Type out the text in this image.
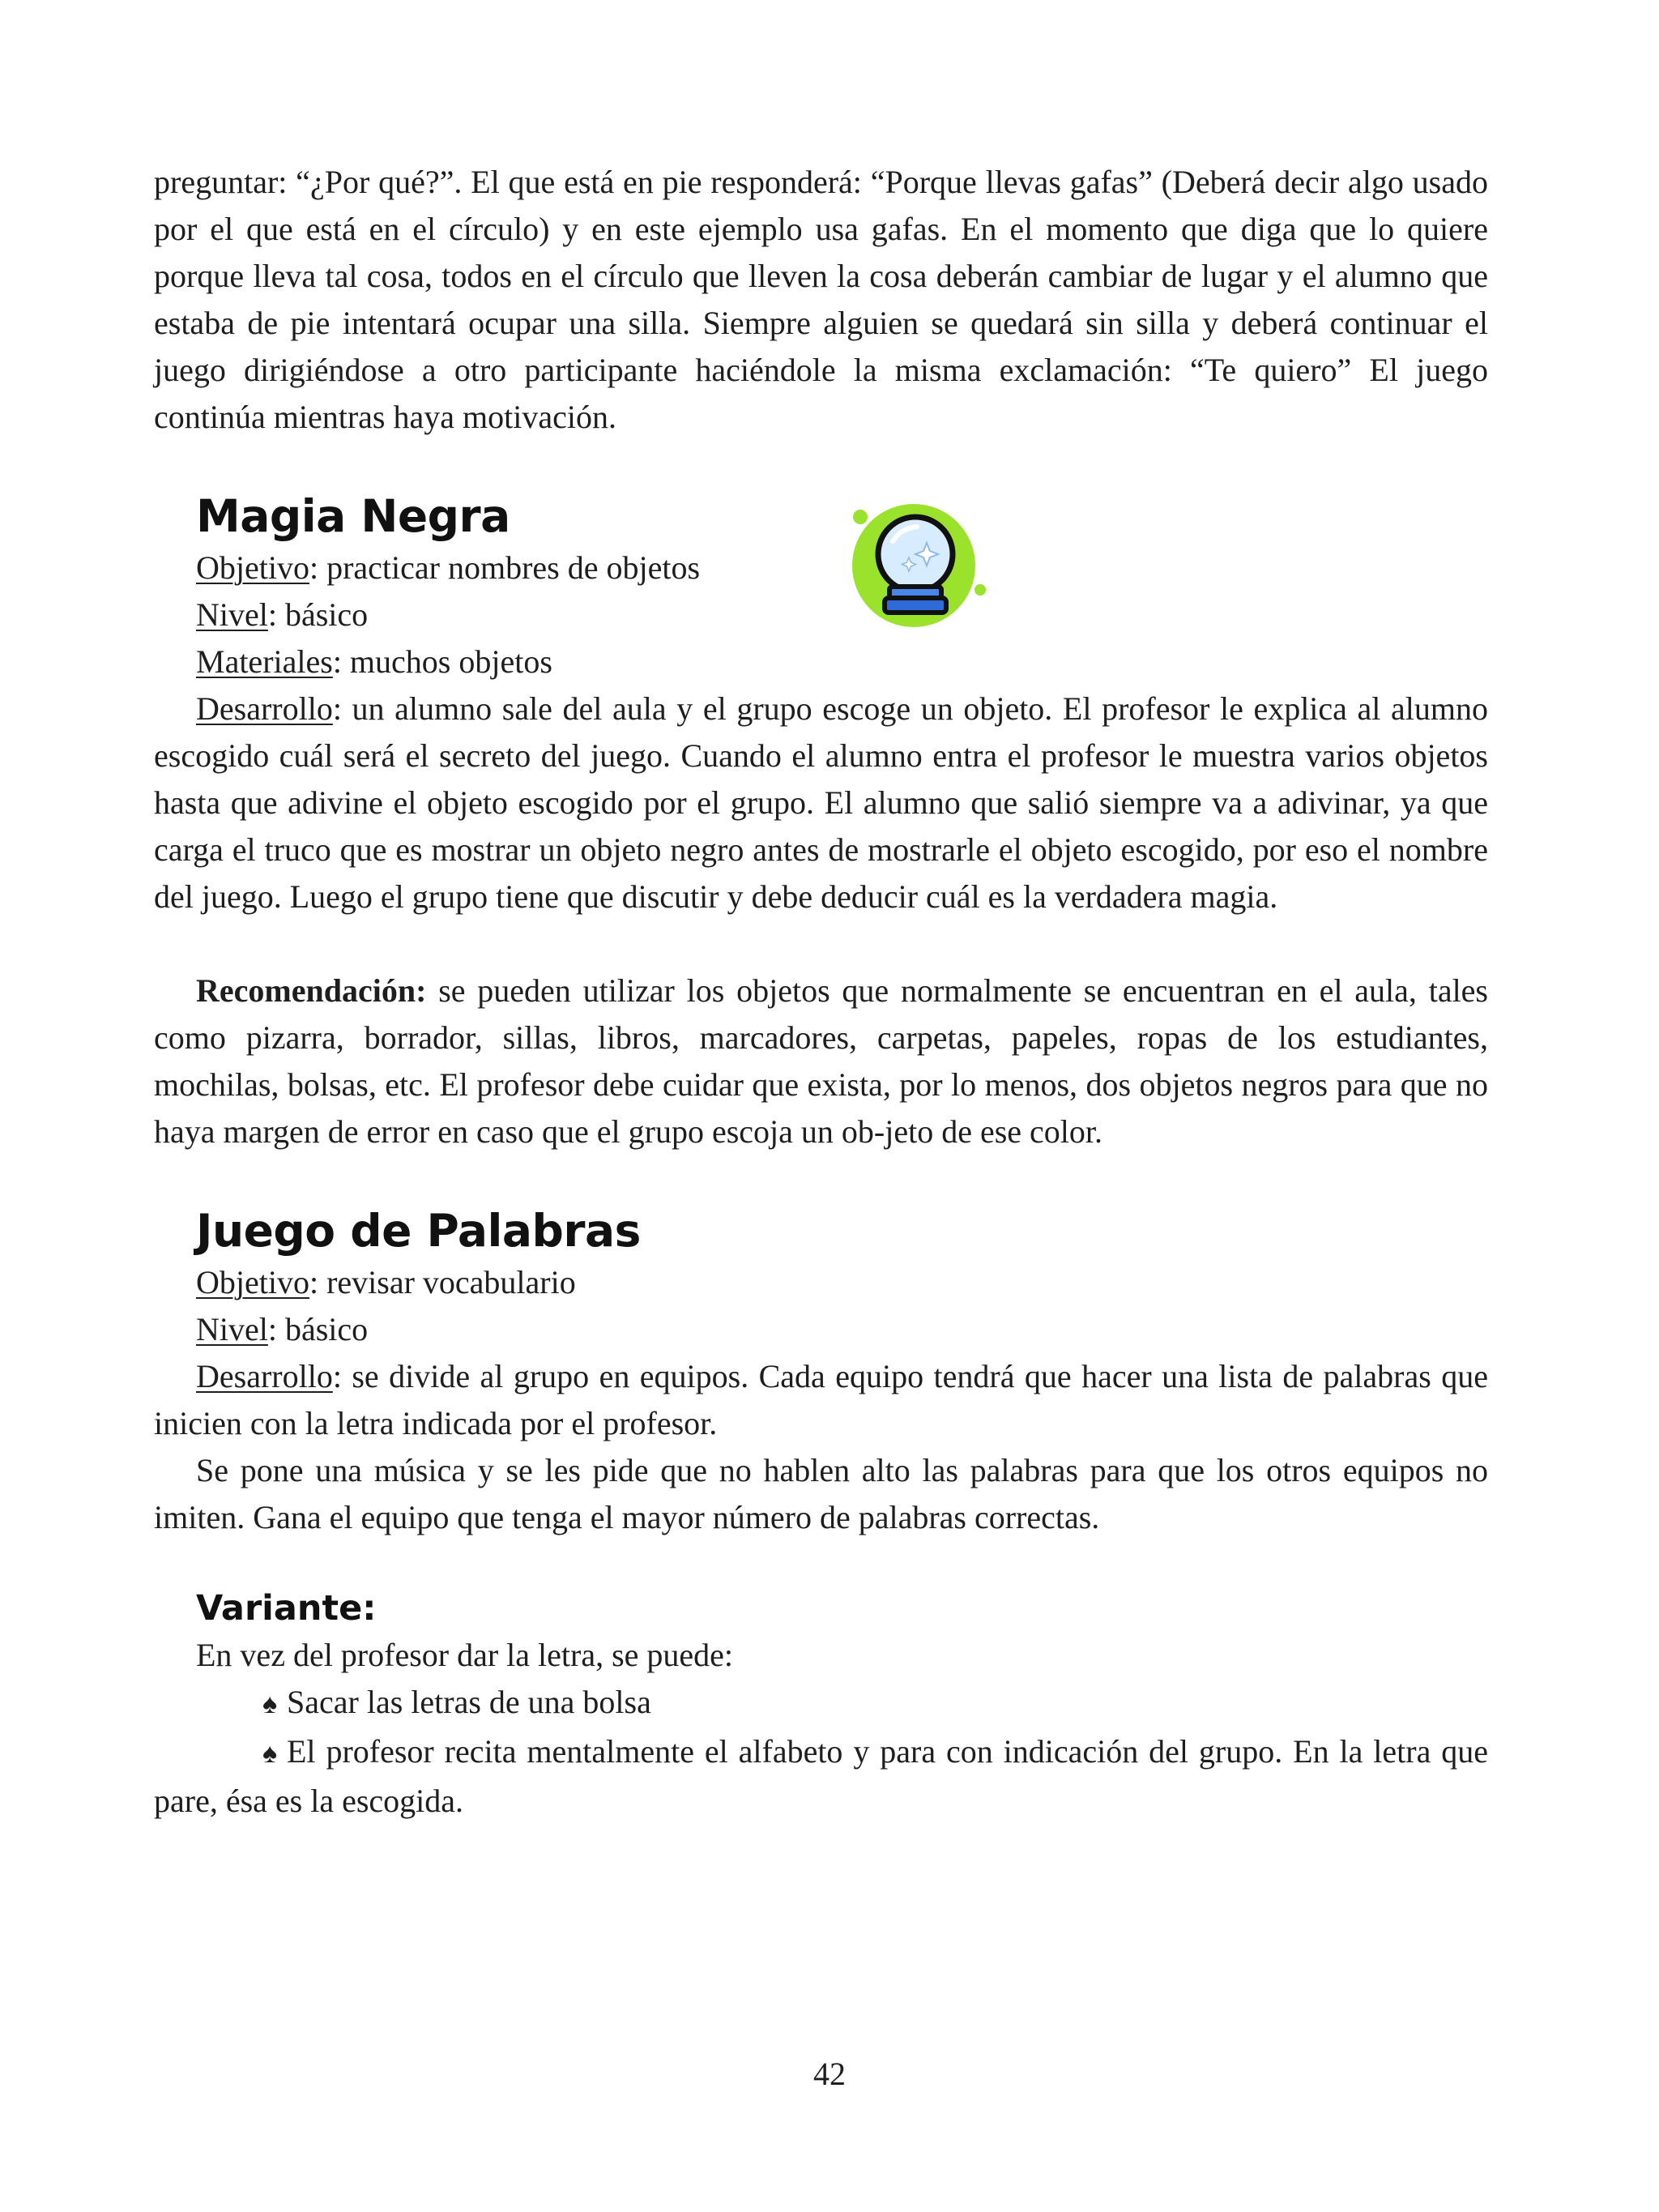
preguntar: “¿Por qué?”. El que está en pie responderá: “Porque llevas gafas” (Deberá decir algo usado por el que está en el círculo) y en este ejemplo usa gafas. En el momento que diga que lo quiere porque lleva tal cosa, todos en el círculo que lleven la cosa deberán cambiar de lugar y el alumno que estaba de pie intentará ocupar una silla. Siempre alguien se quedará sin silla y deberá continuar el juego dirigiéndose a otro participante haciéndole la misma exclamación: “Te quiero” El juego continúa mientras haya motivación.

Magia Negra
Objetivo: practicar nombres de objetos
Nivel: básico
Materiales: muchos objetos

Desarrollo: un alumno sale del aula y el grupo escoge un objeto. El profesor le explica al alumno escogido cuál será el secreto del juego. Cuando el alumno entra el profesor le muestra varios objetos hasta que adivine el objeto escogido por el grupo. El alumno que salió siempre va a adivinar, ya que carga el truco que es mostrar un objeto negro antes de mostrarle el objeto escogido, por eso el nombre del juego. Luego el grupo tiene que discutir y debe deducir cuál es la verdadera magia.

Recomendación: se pueden utilizar los objetos que normalmente se encuentran en el aula, tales como pizarra, borrador, sillas, libros, marcadores, carpetas, papeles, ropas de los estudiantes, mochilas, bolsas, etc. El profesor debe cuidar que exista, por lo menos, dos objetos negros para que no haya margen de error en caso que el grupo escoja un ob-jeto de ese color.

Juego de Palabras
Objetivo: revisar vocabulario
Nivel: básico

Desarrollo: se divide al grupo en equipos. Cada equipo tendrá que hacer una lista de palabras que inicien con la letra indicada por el profesor.

Se pone una música y se les pide que no hablen alto las palabras para que los otros equipos no imiten. Gana el equipo que tenga el mayor número de palabras correctas.

Variante:
En vez del profesor dar la letra, se puede:
♠ Sacar las letras de una bolsa

♠ El profesor recita mentalmente el alfabeto y para con indicación del grupo. En la letra que pare, ésa es la escogida.

42
